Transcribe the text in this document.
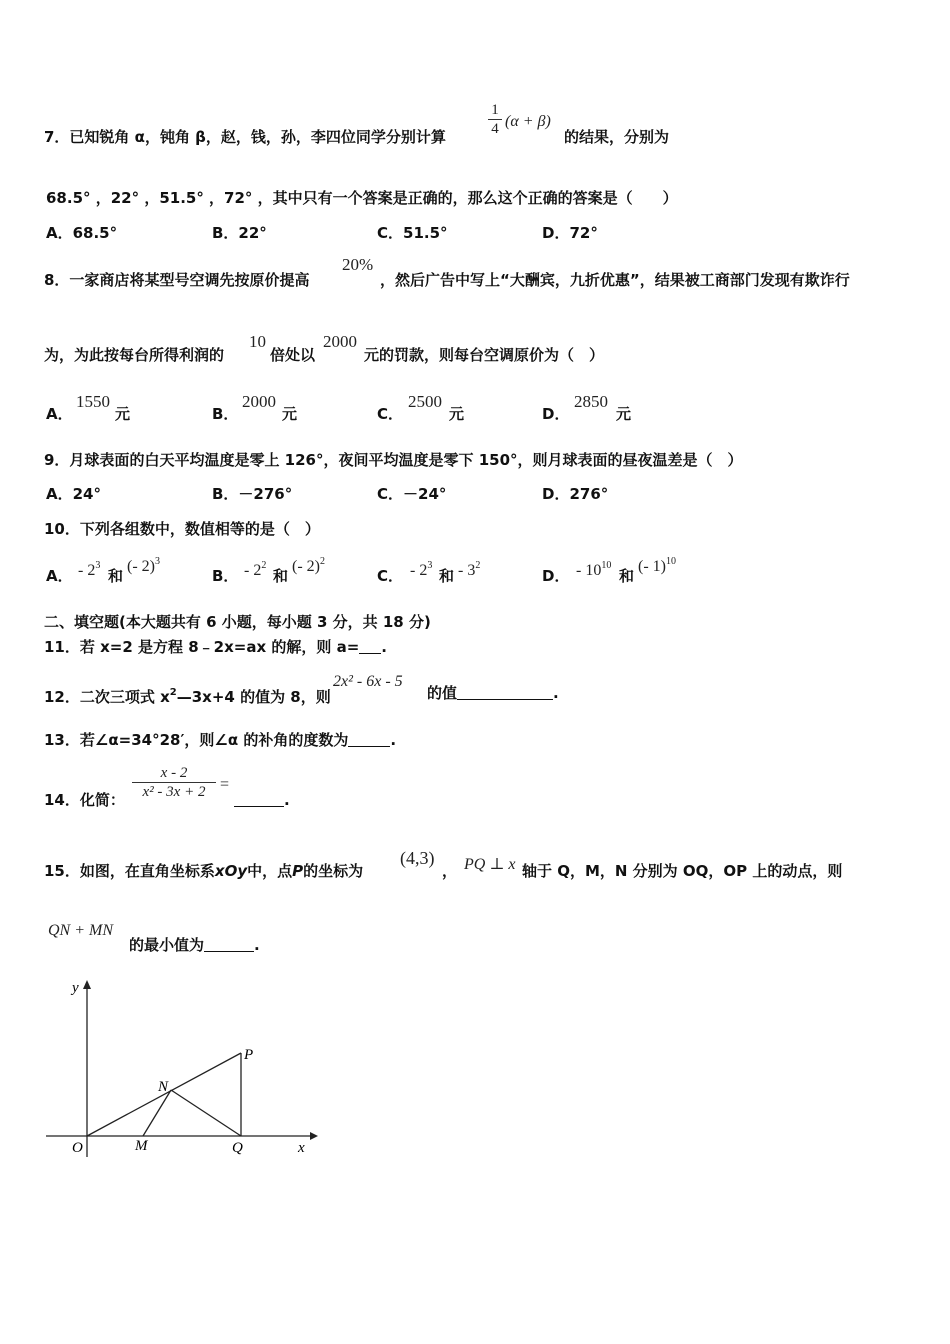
7．已知锐角 α，钝角 β，赵，钱，孙，李四位同学分别计算
1
4 (α + β)
的结果，分别为
68.5° ，22° ，51.5° ，72° ，其中只有一个答案是正确的，那么这个正确的答案是（　　）
A．68.5°	B．22°	C．51.5°	D．72°
8．一家商店将某型号空调先按原价提高
20%
，然后广告中写上“大酬宾，九折优惠”，结果被工商部门发现有欺诈行
为，为此按每台所得利润的
10
倍处以
2000
元的罚款，则每台空调原价为（　）
A．
1550
元	B．
2000
元	C．
2500
元	D．
2850
元
9．月球表面的白天平均温度是零上 126°，夜间平均温度是零下 150°，则月球表面的昼夜温差是（　）
A．24°	B．－276°	C．－24°	D．276°
10．下列各组数中，数值相等的是（　）
A． - $2^3$
和
(- 2)$^3$
B． - $2^2$
和
(- 2)$^2$
C． - $2^3$
和 - $3^2$
D． - $10^{10}$
和
(- 1)$^{10}$
二、填空题(本大题共有 6 小题，每小题 3 分，共 18 分)
11．若 x=2 是方程 8﹣2x=ax 的解，则 a= .
12．二次三项式 $x^2—3x+4$ 的值为 8，则
2x² - 6x - 5
的值	.
13．若∠α=34°28′，则∠α 的补角的度数为	.
14．化简：
x - 2
x² - 3x + 2 =
.
15．如图，在直角坐标系xOy中，点P的坐标为
(4,3)
， PQ ⊥ x 轴于 Q，M，N 分别为 OQ，OP 上的动点，则
QN + MN
的最小值为	.
y
x
O	M	Q
N
P
